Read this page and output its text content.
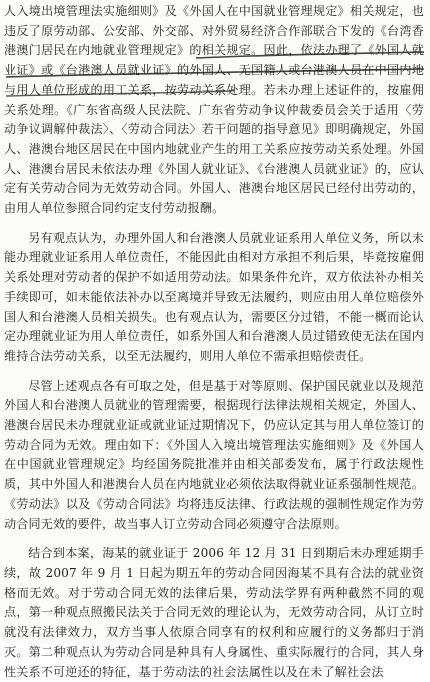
人入境出境管理法实施细则》及《外国人在中国就业管理规定》相关规定，也违反了原劳动部、公安部、外交部、对外贸易经济合作部联合下发的《台湾香港澳门居民在内地就业管理规定》的相关规定。因此，依法办理了《外国人就业证》或《台港澳人员就业证》的外国人、无国籍人或台港澳人员在中国内地与用人单位形成的用工关系，按劳动关系处理。若未办理上述证件的，按雇佣关系处理。《广东省高级人民法院、广东省劳动争议仲裁委员会关于适用〈劳动争议调解仲裁法〉、〈劳动合同法〉若干问题的指导意见》即明确规定，外国人、港澳台地区居民在中国内地就业产生的用工关系应按劳动关系处理。外国人、港澳台居民未依法办理《外国人就业证》、《台港澳人员就业证》的，应认定有关劳动合同为无效劳动合同。外国人、港澳台地区居民已经付出劳动的，由用人单位参照合同约定支付劳动报酬。

另有观点认为，办理外国人和台港澳人员就业证系用人单位义务，所以未能办理就业证系用人单位责任，不能因此由相对方承担不利后果，毕竟按雇佣关系处理对劳动者的保护不如适用劳动法。如果条件允许，双方依法补办相关手续即可，如未能依法补办以至离境并导致无法履约，则应由用人单位赔偿外国人和台港澳人员相关损失。也有观点认为，需要区分过错，不能一概而论认定办理就业证为用人单位责任，如系外国人和台港澳人员过错致使无法在国内维持合法劳动关系，以至无法履约，则用人单位不需承担赔偿责任。

尽管上述观点各有可取之处，但是基于对等原则、保护国民就业以及规范外国人和台港澳人员就业的管理需要，根据现行法律法规相关规定，外国人、港澳台居民未办理就业证或就业证过期情况下，仍应认定其与用人单位签订的劳动合同为无效。理由如下：《外国人入境出境管理法实施细则》及《外国人在中国就业管理规定》均经国务院批准并由相关部委发布，属于行政法规性质，其中外国人和港澳台人员在内地就业必须依法取得就业证系强制性规范。《劳动法》以及《劳动合同法》均将违反法律、行政法规的强制性规定作为劳动合同无效的要件，故当事人订立劳动合同必须遵守合法原则。

结合到本案，海某的就业证于 2006 年 12 月 31 日到期后未办理延期手续，故 2007 年 9 月 1 日起为期五年的劳动合同因海某不具有合法的就业资格而无效。对于劳动合同无效的法律后果，劳动法学界有两种截然不同的观点，第一种观点照搬民法关于合同无效的理论认为，无效劳动合同，从订立时就没有法律效力，双方当事人依原合同享有的权利和应履行的义务都归于消灭。第二种观点认为劳动合同是种具有人身属性、重实际履行的合同，其人身性关系不可逆还的特征，基于劳动法的社会法属性以及在未了解社会法
